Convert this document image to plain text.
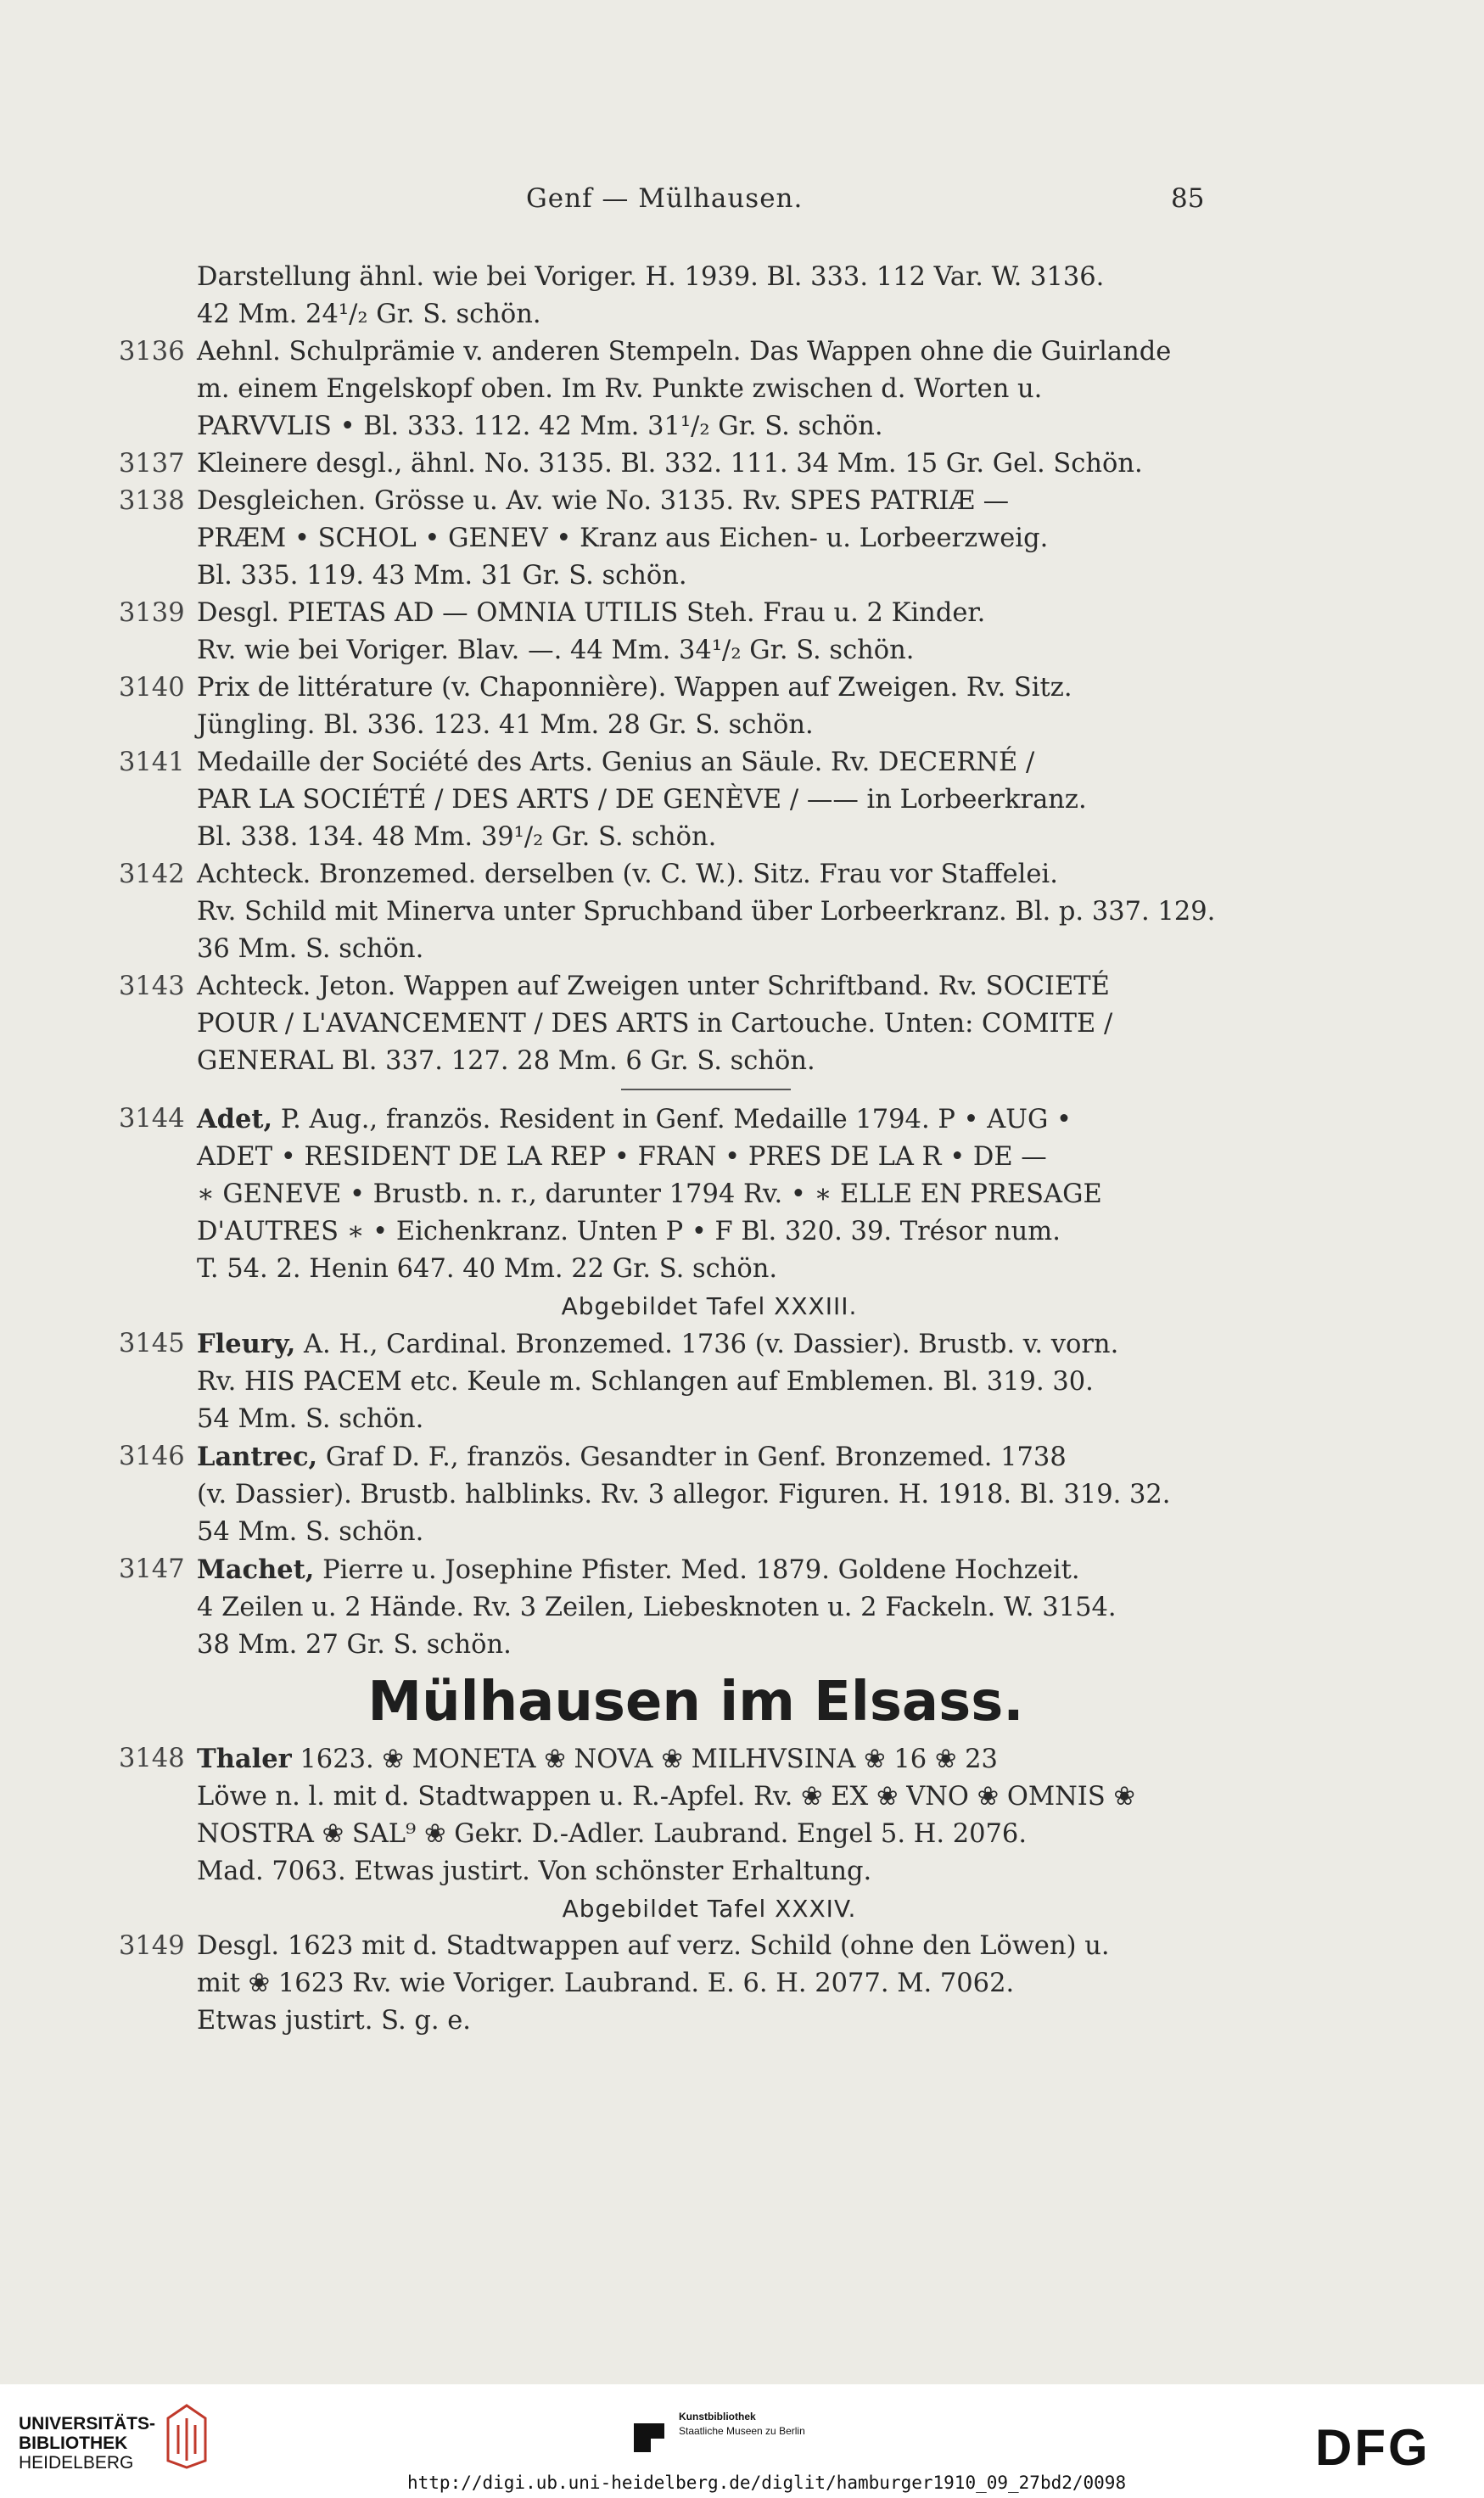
Genf — Mülhausen.	85
Darstellung ähnl. wie bei Voriger. H. 1939. Bl. 333. 112 Var. W. 3136.
42 Mm. 24¹/₂ Gr. S. schön.
3136 Aehnl. Schulprämie v. anderen Stempeln. Das Wappen ohne die Guirlande
m. einem Engelskopf oben. Im Rv. Punkte zwischen d. Worten u.
PARVVLIS • Bl. 333. 112. 42 Mm. 31¹/₂ Gr. S. schön.
3137 Kleinere desgl., ähnl. No. 3135. Bl. 332. 111. 34 Mm. 15 Gr. Gel. Schön.
3138 Desgleichen. Grösse u. Av. wie No. 3135. Rv. SPES PATRIÆ —
PRÆM • SCHOL • GENEV • Kranz aus Eichen- u. Lorbeerzweig.
Bl. 335. 119. 43 Mm. 31 Gr. S. schön.
3139 Desgl. PIETAS AD — OMNIA UTILIS Steh. Frau u. 2 Kinder.
Rv. wie bei Voriger. Blav. —. 44 Mm. 34¹/₂ Gr. S. schön.
3140 Prix de littérature (v. Chaponnière). Wappen auf Zweigen. Rv. Sitz.
Jüngling. Bl. 336. 123. 41 Mm. 28 Gr. S. schön.
3141 Medaille der Société des Arts. Genius an Säule. Rv. DECERNÉ /
PAR LA SOCIÉTÉ / DES ARTS / DE GENÈVE / —— in Lorbeerkranz.
Bl. 338. 134. 48 Mm. 39¹/₂ Gr. S. schön.
3142 Achteck. Bronzemed. derselben (v. C. W.). Sitz. Frau vor Staffelei.
Rv. Schild mit Minerva unter Spruchband über Lorbeerkranz. Bl. p. 337. 129.
36 Mm. S. schön.
3143 Achteck. Jeton. Wappen auf Zweigen unter Schriftband. Rv. SOCIETÉ
POUR / L'AVANCEMENT / DES ARTS in Cartouche. Unten: COMITE /
GENERAL Bl. 337. 127. 28 Mm. 6 Gr. S. schön.
3144 Adet, P. Aug., französ. Resident in Genf. Medaille 1794. P • AUG •
ADET • RESIDENT DE LA REP • FRAN • PRES DE LA R • DE —
∗ GENEVE • Brustb. n. r., darunter 1794 Rv. • ∗ ELLE EN PRESAGE
D'AUTRES ∗ • Eichenkranz. Unten P • F Bl. 320. 39. Trésor num.
T. 54. 2. Henin 647. 40 Mm. 22 Gr. S. schön.
Abgebildet Tafel XXXIII.
3145 Fleury, A. H., Cardinal. Bronzemed. 1736 (v. Dassier). Brustb. v. vorn.
Rv. HIS PACEM etc. Keule m. Schlangen auf Emblemen. Bl. 319. 30.
54 Mm. S. schön.
3146 Lantrec, Graf D. F., französ. Gesandter in Genf. Bronzemed. 1738
(v. Dassier). Brustb. halblinks. Rv. 3 allegor. Figuren. H. 1918. Bl. 319. 32.
54 Mm. S. schön.
3147 Machet, Pierre u. Josephine Pfister. Med. 1879. Goldene Hochzeit.
4 Zeilen u. 2 Hände. Rv. 3 Zeilen, Liebesknoten u. 2 Fackeln. W. 3154.
38 Mm. 27 Gr. S. schön.
Mülhausen im Elsass.
3148 Thaler 1623. ❀ MONETA ❀ NOVA ❀ MILHVSINA ❀ 16 ❀ 23
Löwe n. l. mit d. Stadtwappen u. R.-Apfel. Rv. ❀ EX ❀ VNO ❀ OMNIS ❀
NOSTRA ❀ SAL⁹ ❀ Gekr. D.-Adler. Laubrand. Engel 5. H. 2076.
Mad. 7063. Etwas justirt. Von schönster Erhaltung.
Abgebildet Tafel XXXIV.
3149 Desgl. 1623 mit d. Stadtwappen auf verz. Schild (ohne den Löwen) u.
mit ❀ 1623 Rv. wie Voriger. Laubrand. E. 6. H. 2077. M. 7062.
Etwas justirt. S. g. e.
UNIVERSITÄTS-
BIBLIOTHEK
HEIDELBERG
Kunstbibliothek
Staatliche Museen zu Berlin	DFG
http://digi.ub.uni-heidelberg.de/diglit/hamburger1910_09_27bd2/0098
